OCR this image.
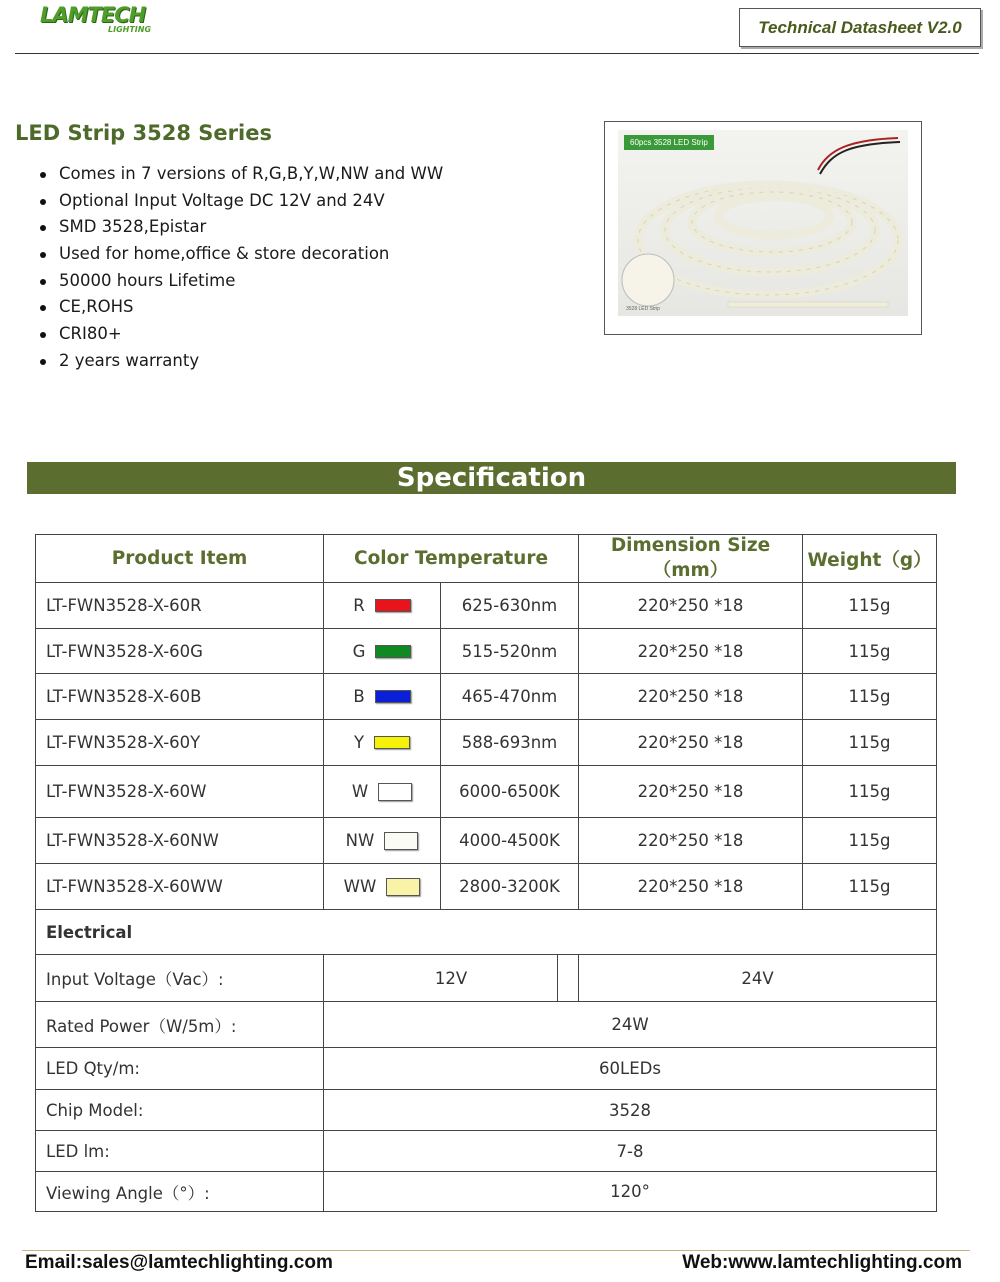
LAMTECH
LIGHTING	Technical Datasheet V2.0
LED Strip 3528 Series
Comes in 7 versions of R,G,B,Y,W,NW and WW
Optional Input Voltage DC 12V and 24V
SMD 3528,Epistar
Used for home,office & store decoration
50000 hours Lifetime
CE,ROHS
CRI80+
2 years warranty
60pcs 3528 LED Strip
3528 LED Strip
Specification
Product Item	Color Temperature		Dimension Size（mm）	Weight（g）
LT-FWN3528-X-60R	R	625-630nm	220*250 *18	115g
LT-FWN3528-X-60G	G	515-520nm	220*250 *18	115g
LT-FWN3528-X-60B	B	465-470nm	220*250 *18	115g
LT-FWN3528-X-60Y	Y	588-693nm	220*250 *18	115g
LT-FWN3528-X-60W	W	6000-6500K	220*250 *18	115g
LT-FWN3528-X-60NW	NW	4000-4500K	220*250 *18	115g
LT-FWN3528-X-60WW	WW	2800-3200K	220*250 *18	115g
Electrical				
Input Voltage（Vac）:	12V		24V	
Rated Power（W/5m）:	24W			
LED Qty/m:	60LEDs			
Chip Model:	3528			
LED lm:	7-8			
Viewing Angle（°）:	120°			
Email:sales@lamtechlighting.com	Web:www.lamtechlighting.com
